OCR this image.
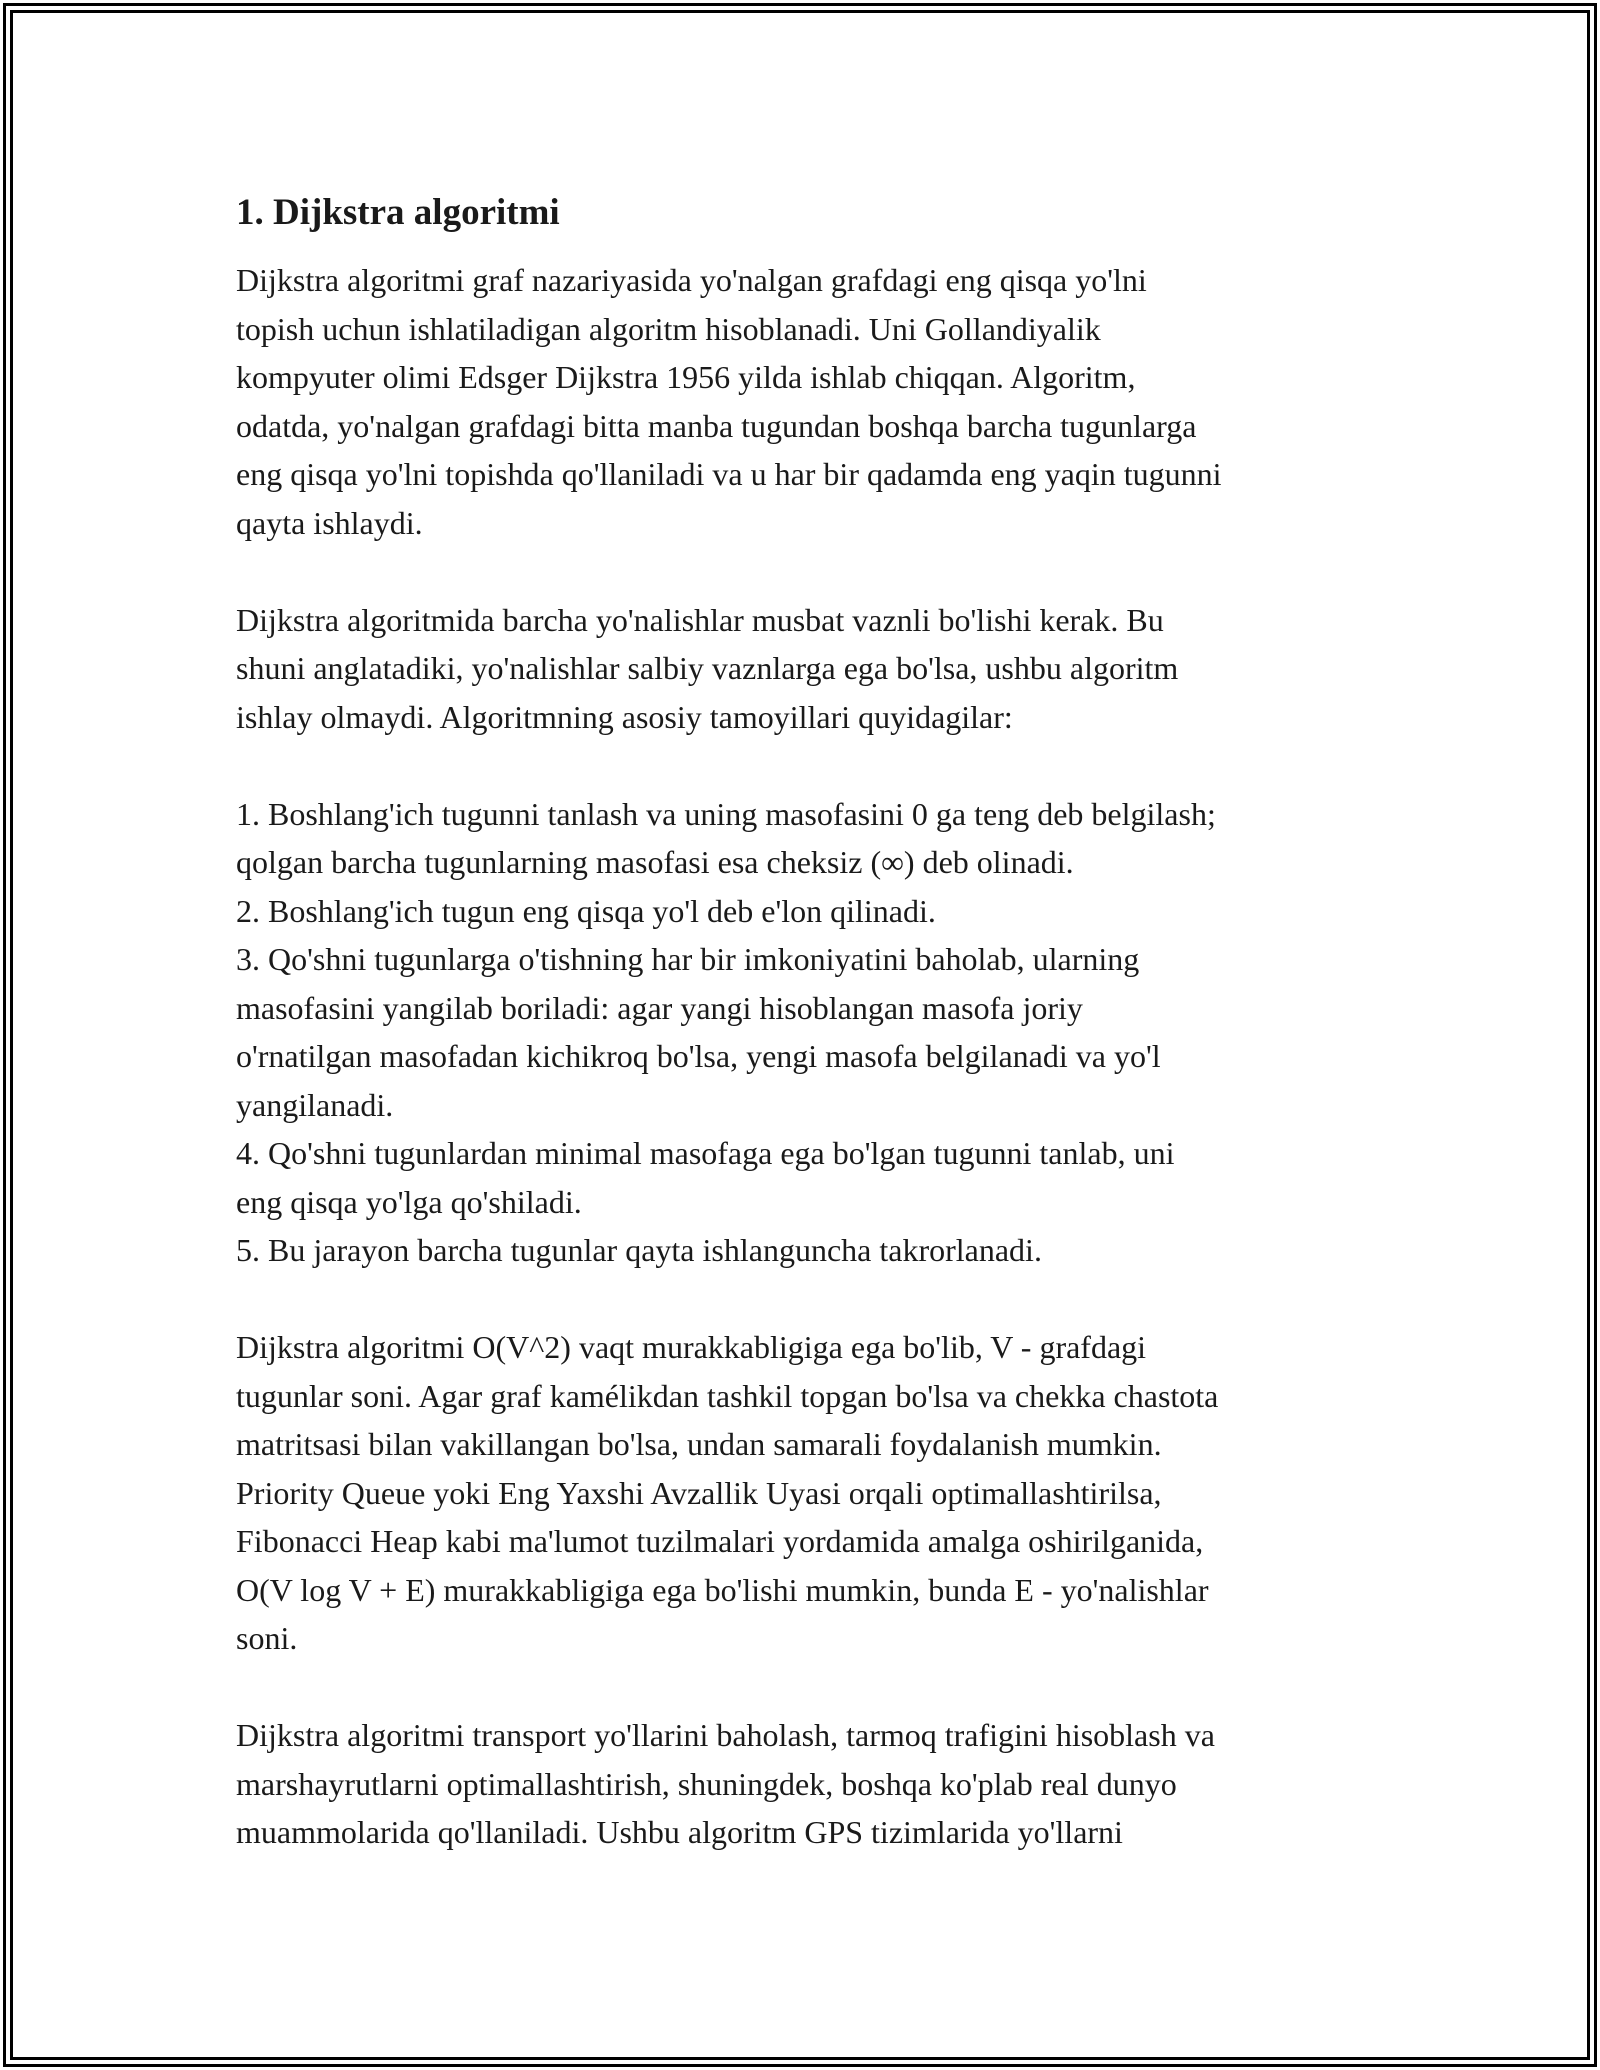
1. Dijkstra algoritmi
Dijkstra algoritmi graf nazariyasida yo'nalgan grafdagi eng qisqa yo'lni
topish uchun ishlatiladigan algoritm hisoblanadi. Uni Gollandiyalik
kompyuter olimi Edsger Dijkstra 1956 yilda ishlab chiqqan. Algoritm,
odatda, yo'nalgan grafdagi bitta manba tugundan boshqa barcha tugunlarga
eng qisqa yo'lni topishda qo'llaniladi va u har bir qadamda eng yaqin tugunni
qayta ishlaydi.
Dijkstra algoritmida barcha yo'nalishlar musbat vaznli bo'lishi kerak. Bu
shuni anglatadiki, yo'nalishlar salbiy vaznlarga ega bo'lsa, ushbu algoritm
ishlay olmaydi. Algoritmning asosiy tamoyillari quyidagilar:
1. Boshlang'ich tugunni tanlash va uning masofasini 0 ga teng deb belgilash;
qolgan barcha tugunlarning masofasi esa cheksiz (∞) deb olinadi.
2. Boshlang'ich tugun eng qisqa yo'l deb e'lon qilinadi.
3. Qo'shni tugunlarga o'tishning har bir imkoniyatini baholab, ularning
masofasini yangilab boriladi: agar yangi hisoblangan masofa joriy
o'rnatilgan masofadan kichikroq bo'lsa, yengi masofa belgilanadi va yo'l
yangilanadi.
4. Qo'shni tugunlardan minimal masofaga ega bo'lgan tugunni tanlab, uni
eng qisqa yo'lga qo'shiladi.
5. Bu jarayon barcha tugunlar qayta ishlanguncha takrorlanadi.
Dijkstra algoritmi O(V^2) vaqt murakkabligiga ega bo'lib, V - grafdagi
tugunlar soni. Agar graf kamélikdan tashkil topgan bo'lsa va chekka chastota
matritsasi bilan vakillangan bo'lsa, undan samarali foydalanish mumkin.
Priority Queue yoki Eng Yaxshi Avzallik Uyasi orqali optimallashtirilsa,
Fibonacci Heap kabi ma'lumot tuzilmalari yordamida amalga oshirilganida,
O(V log V + E) murakkabligiga ega bo'lishi mumkin, bunda E - yo'nalishlar
soni.
Dijkstra algoritmi transport yo'llarini baholash, tarmoq trafigini hisoblash va
marshayrutlarni optimallashtirish, shuningdek, boshqa ko'plab real dunyo
muammolarida qo'llaniladi. Ushbu algoritm GPS tizimlarida yo'llarni
